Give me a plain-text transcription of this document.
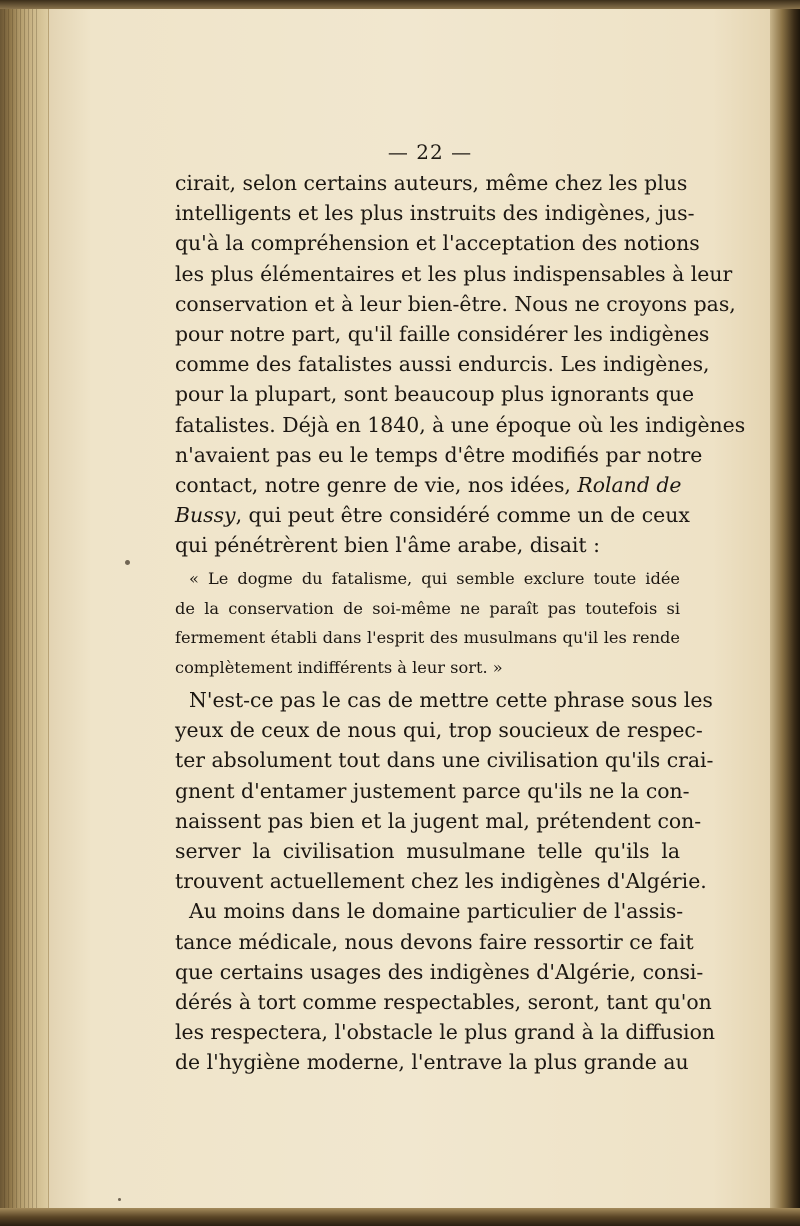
— 22 —
cirait, selon certains auteurs, même chez les plus
intelligents et les plus instruits des indigènes, jus-
qu'à la compréhension et l'acceptation des notions
les plus élémentaires et les plus indispensables à leur
conservation et à leur bien-être. Nous ne croyons pas,
pour notre part, qu'il faille considérer les indigènes
comme des fatalistes aussi endurcis. Les indigènes,
pour la plupart, sont beaucoup plus ignorants que
fatalistes. Déjà en 1840, à une époque où les indigènes
n'avaient pas eu le temps d'être modifiés par notre
contact, notre genre de vie, nos idées, Roland de
Bussy, qui peut être considéré comme un de ceux
qui pénétrèrent bien l'âme arabe, disait :
« Le dogme du fatalisme, qui semble exclure toute idée
de la conservation de soi-même ne paraît pas toutefois si
fermement établi dans l'esprit des musulmans qu'il les rende
complètement indifférents à leur sort. »
N'est-ce pas le cas de mettre cette phrase sous les
yeux de ceux de nous qui, trop soucieux de respec-
ter absolument tout dans une civilisation qu'ils crai-
gnent d'entamer justement parce qu'ils ne la con-
naissent pas bien et la jugent mal, prétendent con-
server la civilisation musulmane telle qu'ils la
trouvent actuellement chez les indigènes d'Algérie.
Au moins dans le domaine particulier de l'assis-
tance médicale, nous devons faire ressortir ce fait
que certains usages des indigènes d'Algérie, consi-
dérés à tort comme respectables, seront, tant qu'on
les respectera, l'obstacle le plus grand à la diffusion
de l'hygiène moderne, l'entrave la plus grande au
